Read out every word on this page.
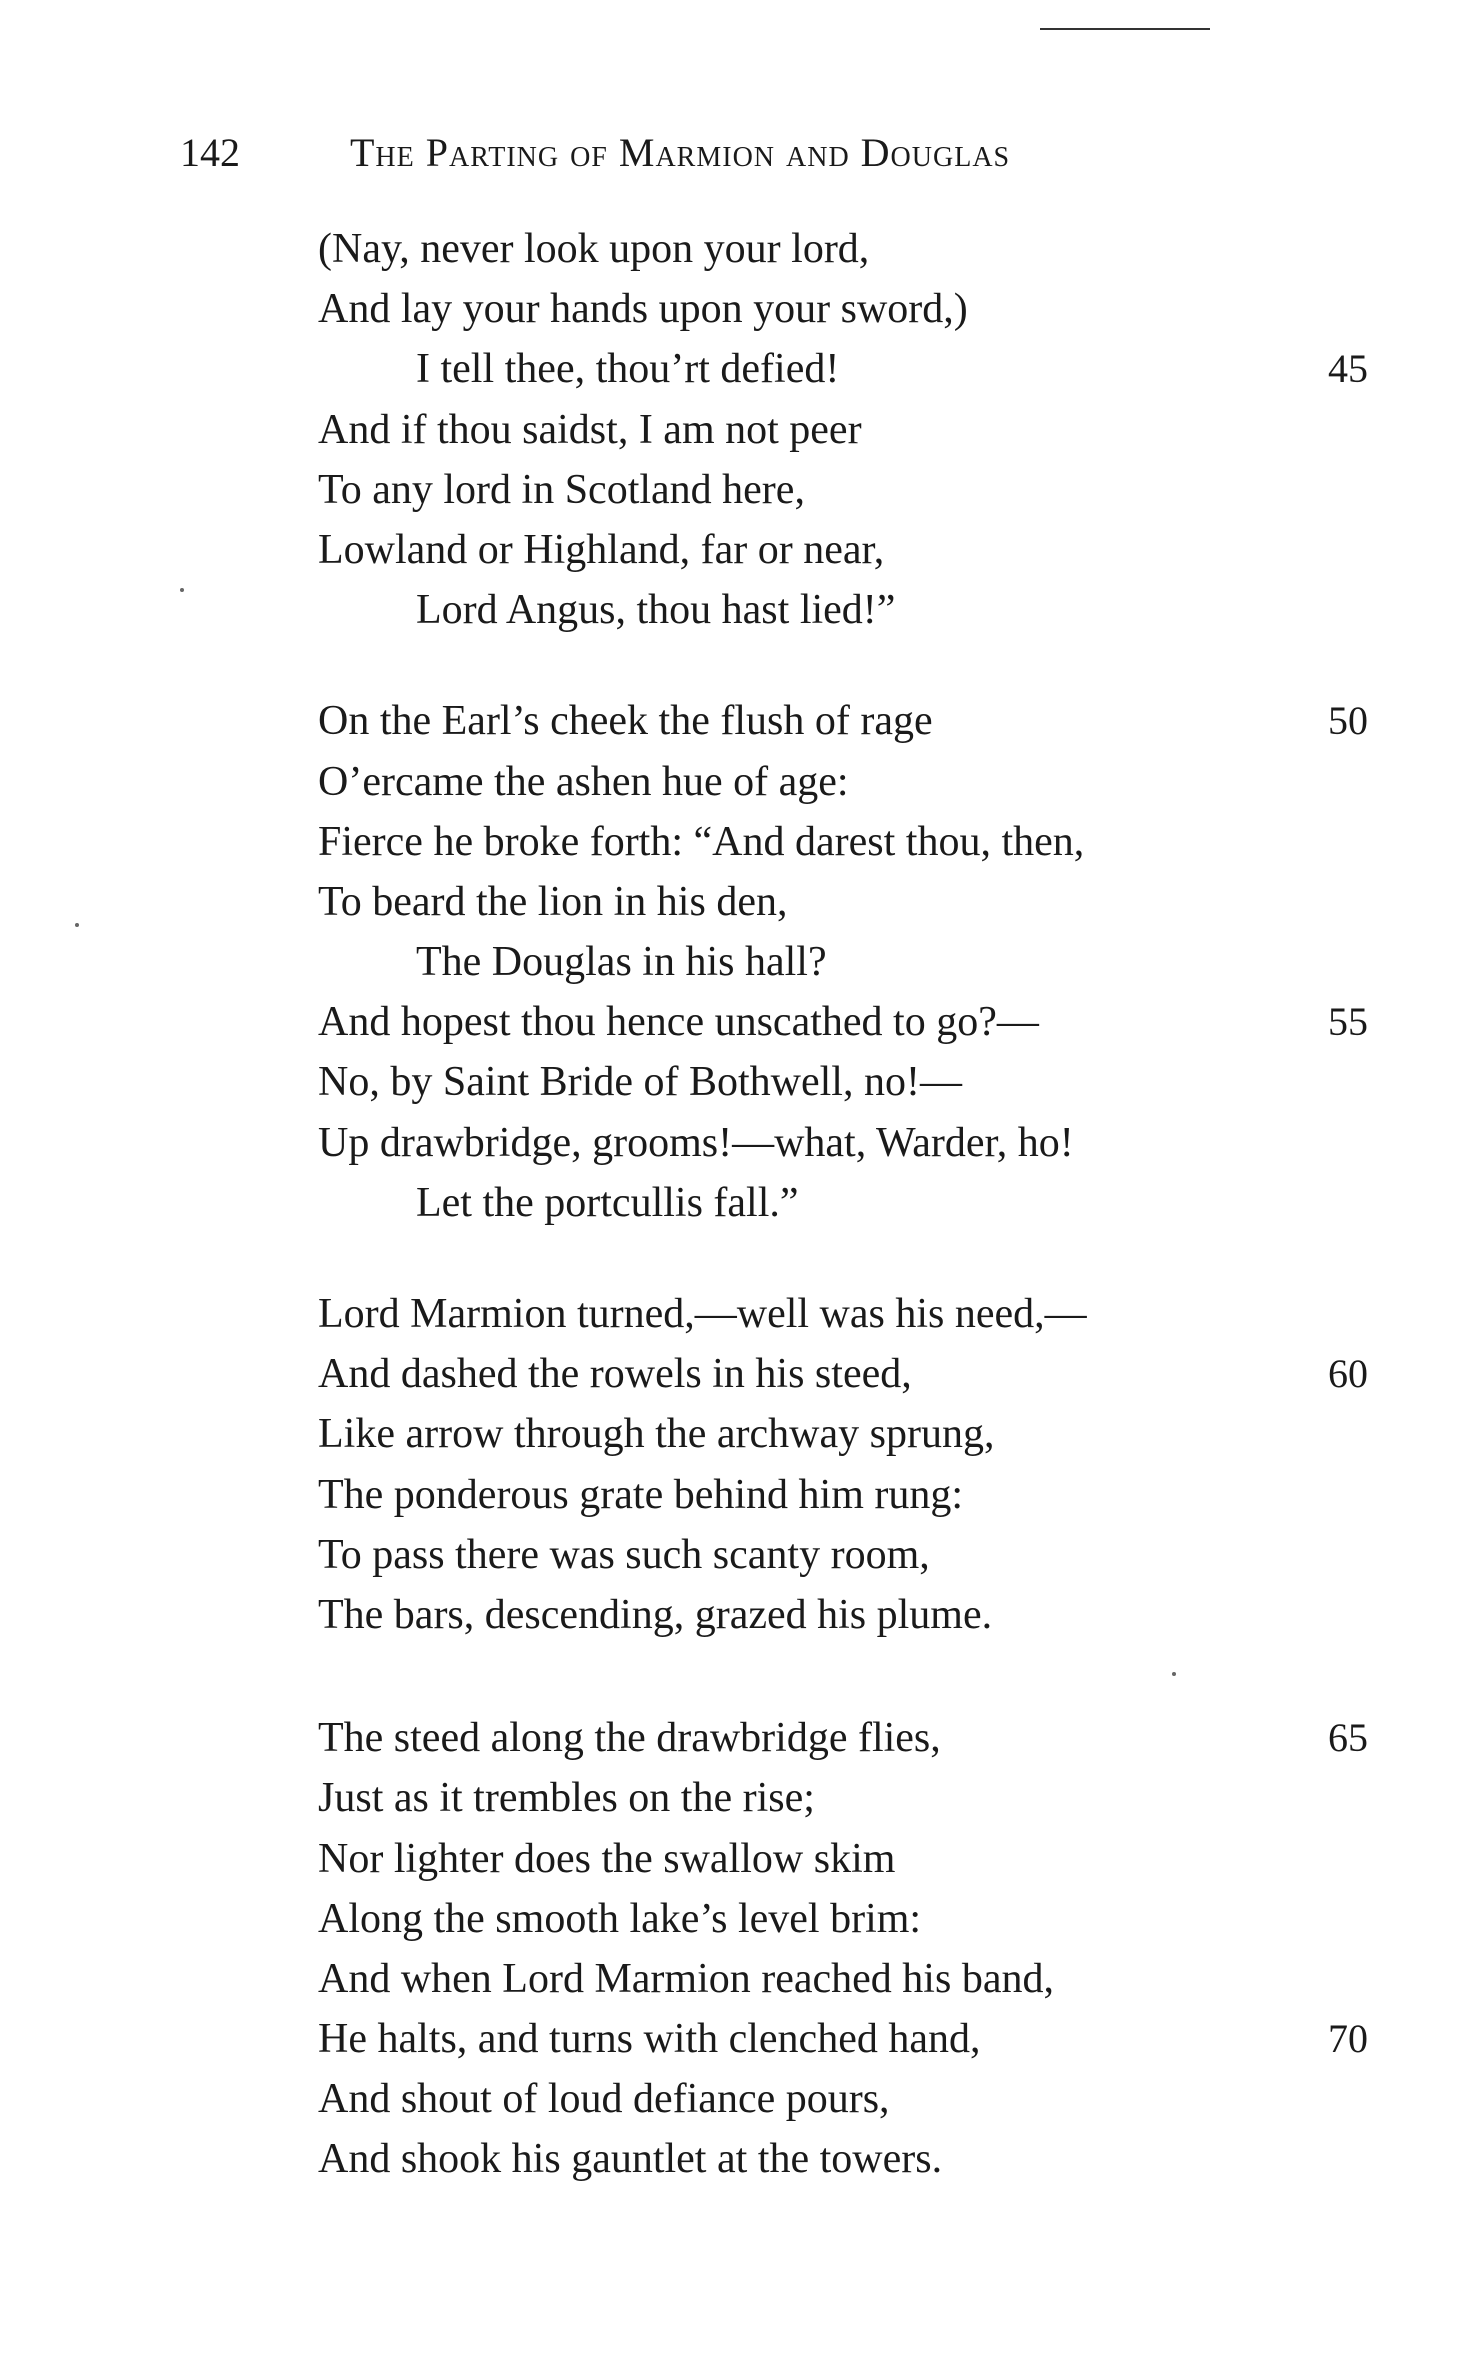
142	The Parting of Marmion and Douglas
(Nay, never look upon your lord,
And lay your hands upon your sword,)
I tell thee, thou’rt defied!	45
And if thou saidst, I am not peer
To any lord in Scotland here,
Lowland or Highland, far or near,
Lord Angus, thou hast lied!”
On the Earl’s cheek the flush of rage	50
O’ercame the ashen hue of age:
Fierce he broke forth: “And darest thou, then,
To beard the lion in his den,
The Douglas in his hall?
And hopest thou hence unscathed to go?—	55
No, by Saint Bride of Bothwell, no!—
Up drawbridge, grooms!—what, Warder, ho!
Let the portcullis fall.”
Lord Marmion turned,—well was his need,—
And dashed the rowels in his steed,	60
Like arrow through the archway sprung,
The ponderous grate behind him rung:
To pass there was such scanty room,
The bars, descending, grazed his plume.
The steed along the drawbridge flies,	65
Just as it trembles on the rise;
Nor lighter does the swallow skim
Along the smooth lake’s level brim:
And when Lord Marmion reached his band,
He halts, and turns with clenched hand,	70
And shout of loud defiance pours,
And shook his gauntlet at the towers.
